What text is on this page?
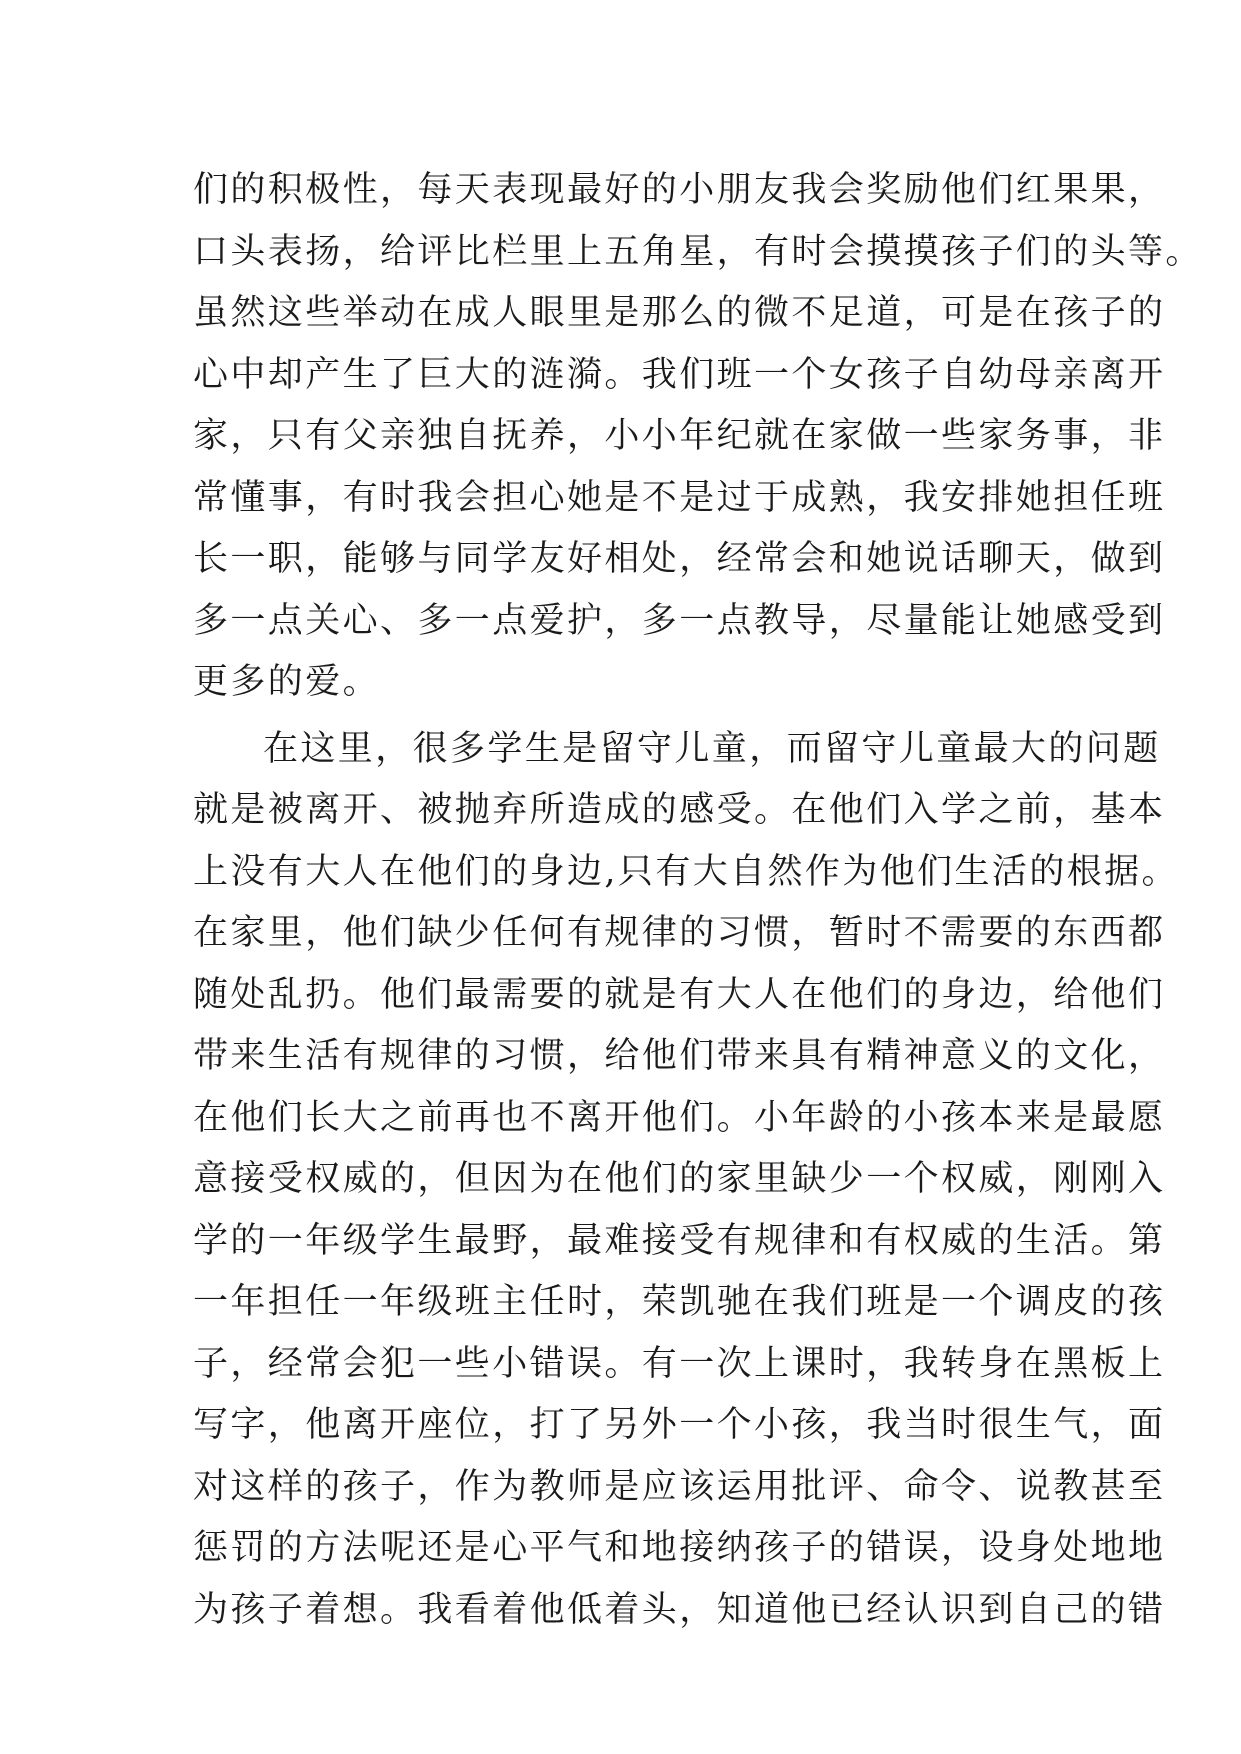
们的积极性，每天表现最好的小朋友我会奖励他们红果果，
口头表扬，给评比栏里上五角星，有时会摸摸孩子们的头等。
虽然这些举动在成人眼里是那么的微不足道，可是在孩子的
心中却产生了巨大的涟漪。我们班一个女孩子自幼母亲离开
家，只有父亲独自抚养，小小年纪就在家做一些家务事，非
常懂事，有时我会担心她是不是过于成熟，我安排她担任班
长一职，能够与同学友好相处，经常会和她说话聊天，做到
多一点关心、多一点爱护，多一点教导，尽量能让她感受到
更多的爱。
在这里，很多学生是留守儿童，而留守儿童最大的问题
就是被离开、被抛弃所造成的感受。在他们入学之前，基本
上没有大人在他们的身边,只有大自然作为他们生活的根据。
在家里，他们缺少任何有规律的习惯，暂时不需要的东西都
随处乱扔。他们最需要的就是有大人在他们的身边，给他们
带来生活有规律的习惯，给他们带来具有精神意义的文化，
在他们长大之前再也不离开他们。小年龄的小孩本来是最愿
意接受权威的，但因为在他们的家里缺少一个权威，刚刚入
学的一年级学生最野，最难接受有规律和有权威的生活。第
一年担任一年级班主任时，荣凯驰在我们班是一个调皮的孩
子，经常会犯一些小错误。有一次上课时，我转身在黑板上
写字，他离开座位，打了另外一个小孩，我当时很生气，面
对这样的孩子，作为教师是应该运用批评、命令、说教甚至
惩罚的方法呢还是心平气和地接纳孩子的错误，设身处地地
为孩子着想。我看着他低着头，知道他已经认识到自己的错
